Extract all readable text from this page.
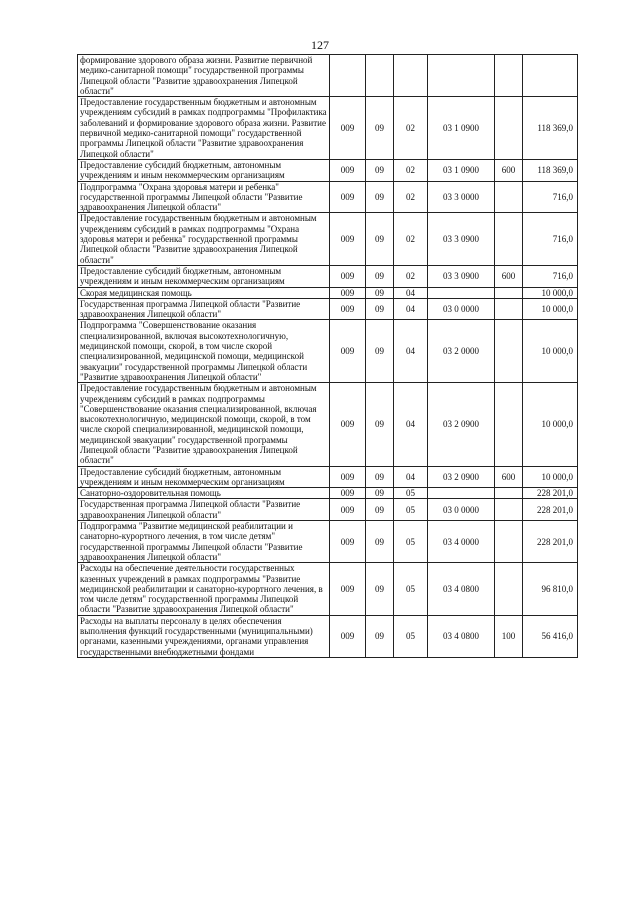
127
формирование здорового образа жизни. Развитие первичной медико-санитарной помощи" государственной программы Липецкой области "Развитие здравоохранения Липецкой области"						
Предоставление государственным бюджетным и автономным учреждениям субсидий в рамках подпрограммы "Профилактика заболеваний и формирование здорового образа жизни. Развитие первичной медико-санитарной помощи" государственной программы Липецкой области "Развитие здравоохранения Липецкой области"	009	09	02	03 1 0900		118 369,0
Предоставление субсидий бюджетным, автономным учреждениям и иным некоммерческим организациям	009	09	02	03 1 0900	600	118 369,0
Подпрограмма "Охрана здоровья матери и ребенка" государственной программы Липецкой области "Развитие здравоохранения Липецкой области"	009	09	02	03 3 0000		716,0
Предоставление государственным бюджетным и автономным учреждениям субсидий в рамках подпрограммы "Охрана здоровья матери и ребенка" государственной программы Липецкой области "Развитие здравоохранения Липецкой области"	009	09	02	03 3 0900		716,0
Предоставление субсидий бюджетным, автономным учреждениям и иным некоммерческим организациям	009	09	02	03 3 0900	600	716,0
Скорая медицинская помощь	009	09	04			10 000,0
Государственная программа Липецкой области "Развитие здравоохранения Липецкой области"	009	09	04	03 0 0000		10 000,0
Подпрограмма "Совершенствование оказания специализированной, включая высокотехнологичную, медицинской помощи, скорой, в том числе скорой специализированной, медицинской помощи, медицинской эвакуации" государственной программы Липецкой области "Развитие здравоохранения Липецкой области"	009	09	04	03 2 0000		10 000,0
Предоставление государственным бюджетным и автономным учреждениям субсидий в рамках подпрограммы "Совершенствование оказания специализированной, включая высокотехнологичную, медицинской помощи, скорой, в том числе скорой специализированной, медицинской помощи, медицинской эвакуации" государственной программы Липецкой области "Развитие здравоохранения Липецкой области"	009	09	04	03 2 0900		10 000,0
Предоставление субсидий бюджетным, автономным учреждениям и иным некоммерческим организациям	009	09	04	03 2 0900	600	10 000,0
Санаторно-оздоровительная помощь	009	09	05			228 201,0
Государственная программа Липецкой области "Развитие здравоохранения Липецкой области"	009	09	05	03 0 0000		228 201,0
Подпрограмма "Развитие медицинской реабилитации и санаторно-курортного лечения, в том числе детям" государственной программы Липецкой области "Развитие здравоохранения Липецкой области"	009	09	05	03 4 0000		228 201,0
Расходы на обеспечение деятельности государственных казенных учреждений в рамках подпрограммы "Развитие медицинской реабилитации и санаторно-курортного лечения, в том числе детям" государственной программы Липецкой области "Развитие здравоохранения Липецкой области"	009	09	05	03 4 0800		96 810,0
Расходы на выплаты персоналу в целях обеспечения выполнения функций государственными (муниципальными) органами, казенными учреждениями, органами управления государственными внебюджетными фондами	009	09	05	03 4 0800	100	56 416,0
